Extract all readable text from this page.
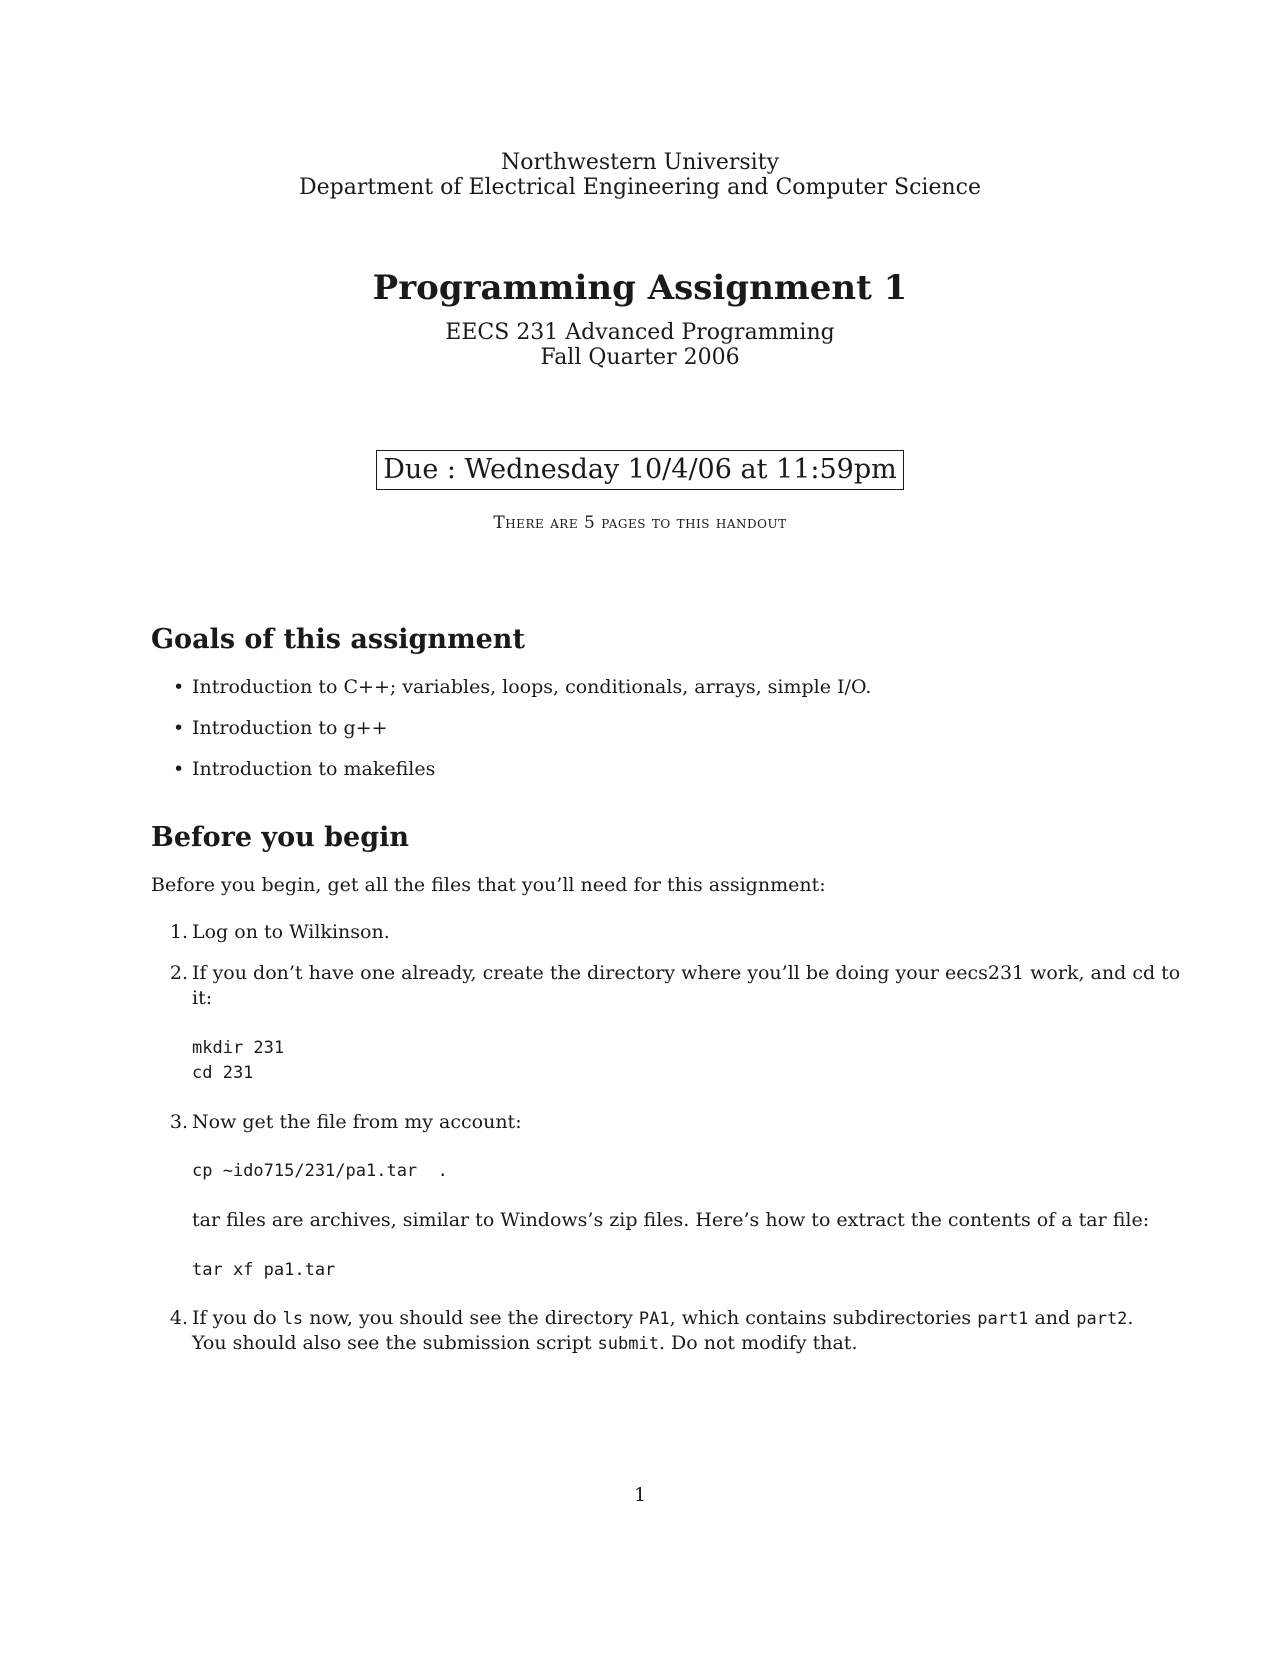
Northwestern University
Department of Electrical Engineering and Computer Science
Programming Assignment 1
EECS 231 Advanced Programming
Fall Quarter 2006
Due : Wednesday 10/4/06 at 11:59pm
There are 5 pages to this handout
Goals of this assignment
• Introduction to C++; variables, loops, conditionals, arrays, simple I/O.
• Introduction to g++
• Introduction to makefiles
Before you begin
Before you begin, get all the files that you’ll need for this assignment:
1. Log on to Wilkinson.
2. If you don’t have one already, create the directory where you’ll be doing your eecs231 work, and cd to
it:
mkdir 231
cd 231
3. Now get the file from my account:
cp ~ido715/231/pa1.tar  .
tar files are archives, similar to Windows’s zip files. Here’s how to extract the contents of a tar file:
tar xf pa1.tar
4. If you do ls now, you should see the directory PA1, which contains subdirectories part1 and part2.
You should also see the submission script submit. Do not modify that.
1
